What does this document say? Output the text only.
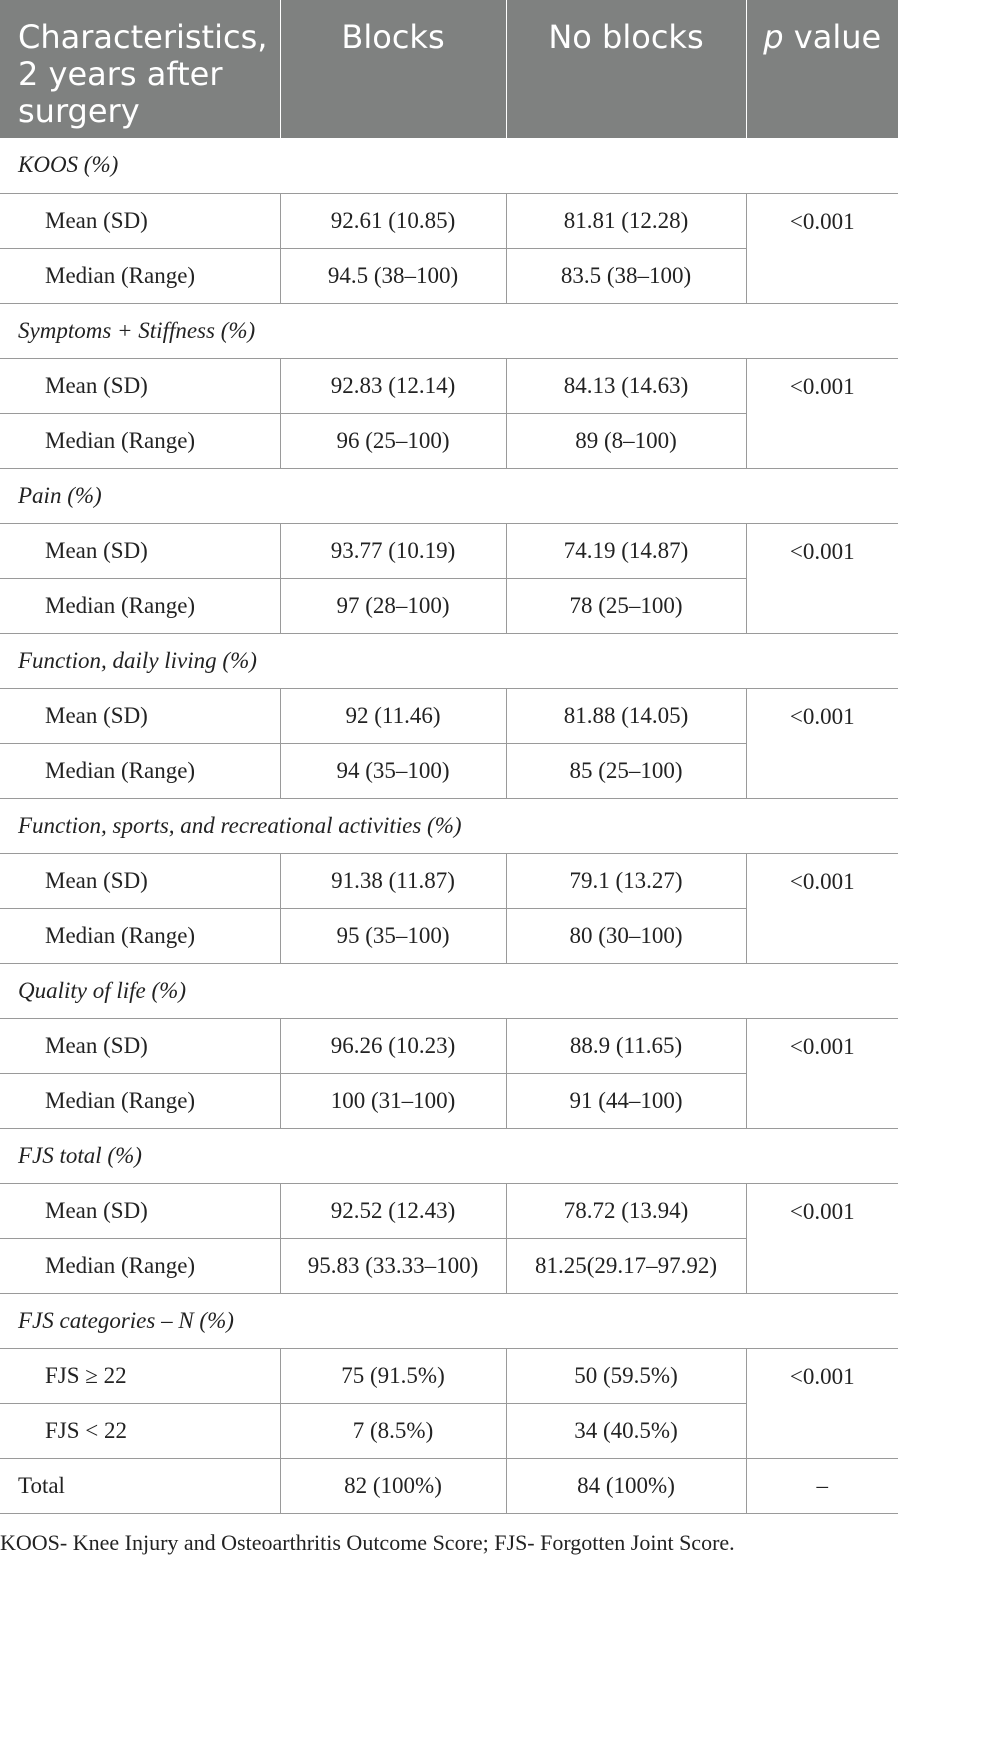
Characteristics, 2 years after surgery	Blocks	No blocks	p value
KOOS (%)			
Mean (SD)	92.61 (10.85)	81.81 (12.28)	<0.001
Median (Range)	94.5 (38–100)	83.5 (38–100)	
Symptoms + Stiffness (%)			
Mean (SD)	92.83 (12.14)	84.13 (14.63)	<0.001
Median (Range)	96 (25–100)	89 (8–100)	
Pain (%)			
Mean (SD)	93.77 (10.19)	74.19 (14.87)	<0.001
Median (Range)	97 (28–100)	78 (25–100)	
Function, daily living (%)			
Mean (SD)	92 (11.46)	81.88 (14.05)	<0.001
Median (Range)	94 (35–100)	85 (25–100)	
Function, sports, and recreational activities (%)			
Mean (SD)	91.38 (11.87)	79.1 (13.27)	<0.001
Median (Range)	95 (35–100)	80 (30–100)	
Quality of life (%)			
Mean (SD)	96.26 (10.23)	88.9 (11.65)	<0.001
Median (Range)	100 (31–100)	91 (44–100)	
FJS total (%)			
Mean (SD)	92.52 (12.43)	78.72 (13.94)	<0.001
Median (Range)	95.83 (33.33–100)	81.25(29.17–97.92)	
FJS categories – N (%)			
FJS ≥ 22	75 (91.5%)	50 (59.5%)	<0.001
FJS < 22	7 (8.5%)	34 (40.5%)	
Total	82 (100%)	84 (100%)	–
KOOS- Knee Injury and Osteoarthritis Outcome Score; FJS- Forgotten Joint Score.
